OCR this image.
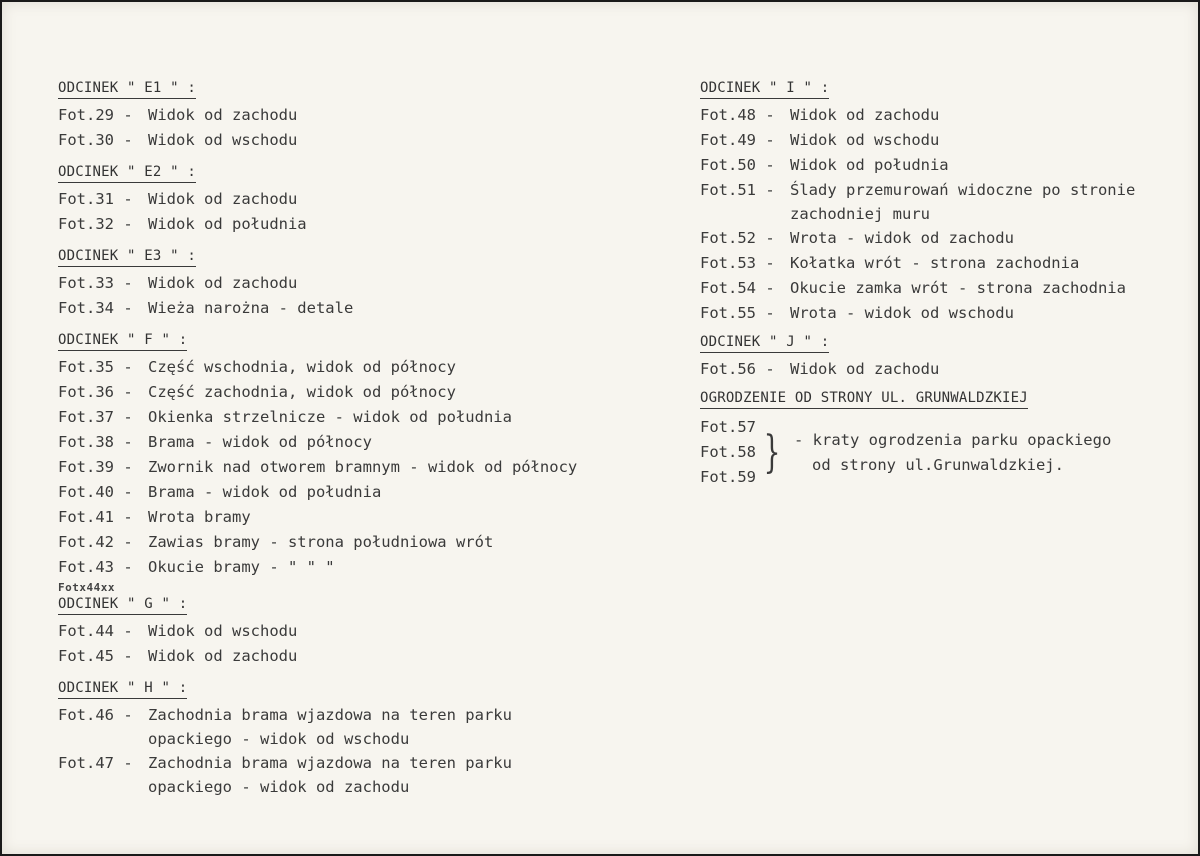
ODCINEK " E1 " :
Fot.29 - Widok od zachodu
Fot.30 - Widok od wschodu
ODCINEK " E2 " :
Fot.31 - Widok od zachodu
Fot.32 - Widok od południa
ODCINEK " E3 " :
Fot.33 - Widok od zachodu
Fot.34 - Wieża narożna - detale
ODCINEK " F " :
Fot.35 - Część wschodnia, widok od północy
Fot.36 - Część zachodnia, widok od północy
Fot.37 - Okienka strzelnicze - widok od południa
Fot.38 - Brama - widok od północy
Fot.39 - Zwornik nad otworem bramnym - widok od północy
Fot.40 - Brama - widok od południa
Fot.41 - Wrota bramy
Fot.42 - Zawias bramy - strona południowa wrót
Fot.43 - Okucie bramy - " " "
Fotx44xx
ODCINEK " G " :
Fot.44 - Widok od wschodu
Fot.45 - Widok od zachodu
ODCINEK " H " :
Fot.46 - Zachodnia brama wjazdowa na teren parku
opackiego - widok od wschodu
Fot.47 - Zachodnia brama wjazdowa na teren parku
opackiego - widok od zachodu
ODCINEK " I " :
Fot.48 - Widok od zachodu
Fot.49 - Widok od wschodu
Fot.50 - Widok od południa
Fot.51 - Ślady przemurowań widoczne po stronie
zachodniej muru
Fot.52 - Wrota - widok od zachodu
Fot.53 - Kołatka wrót - strona zachodnia
Fot.54 - Okucie zamka wrót - strona zachodnia
Fot.55 - Wrota - widok od wschodu
ODCINEK " J " :
Fot.56 - Widok od zachodu
OGRODZENIE OD STRONY UL. GRUNWALDZKIEJ
Fot.57
Fot.58
Fot.59 } - kraty ogrodzenia parku opackiego
od strony ul.Grunwaldzkiej.
